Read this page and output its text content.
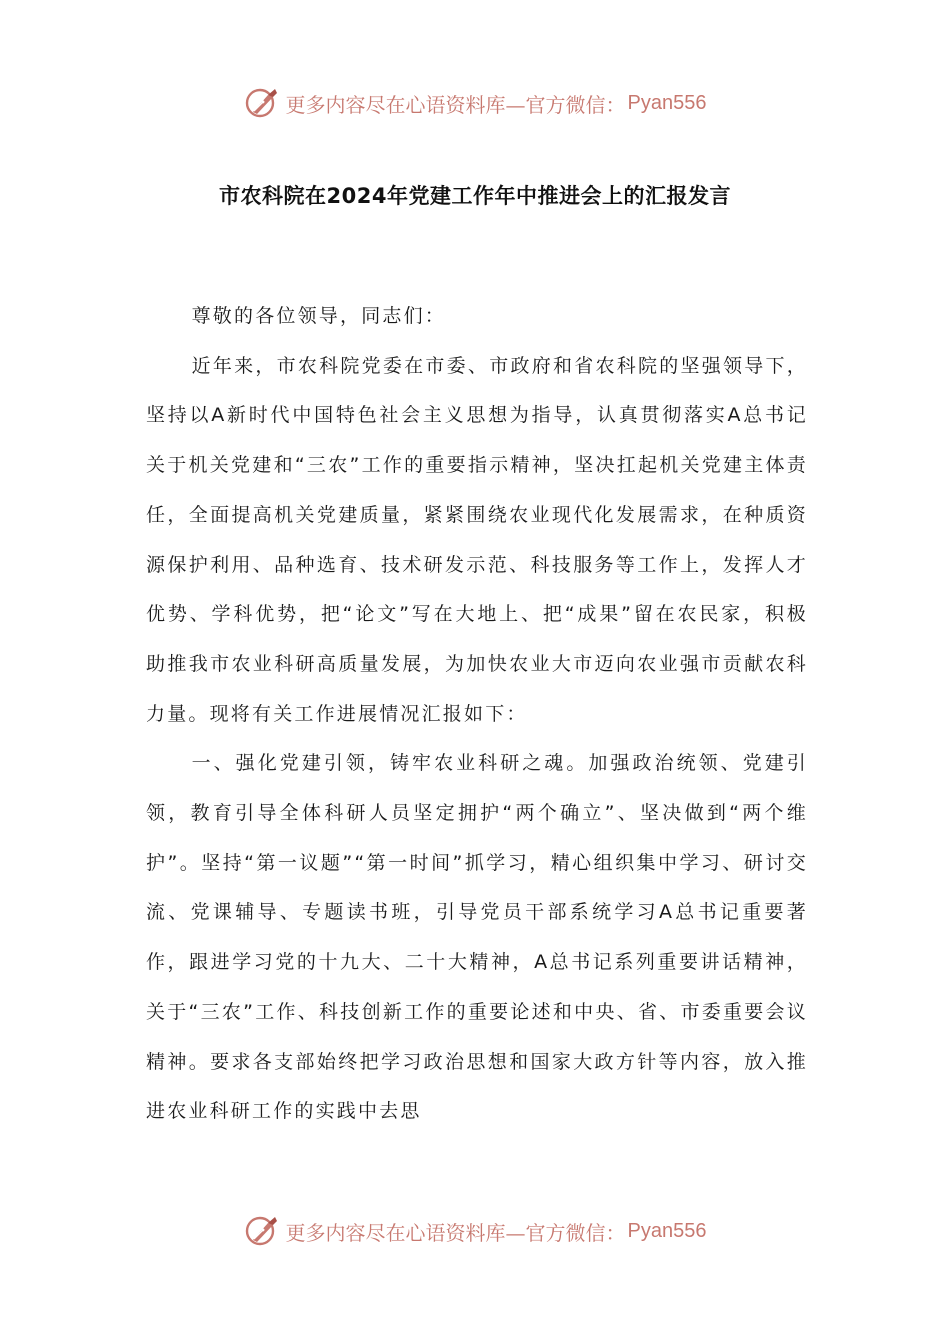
更多内容尽在心语资料库—官方微信： Pyan556
市农科院在2024年党建工作年中推进会上的汇报发言

尊敬的各位领导，同志们：

近年来，市农科院党委在市委、市政府和省农科院的坚强领导下，坚持以A新时代中国特色社会主义思想为指导，认真贯彻落实A总书记关于机关党建和“三农”工作的重要指示精神，坚决扛起机关党建主体责任，全面提高机关党建质量，紧紧围绕农业现代化发展需求，在种质资源保护利用、品种选育、技术研发示范、科技服务等工作上，发挥人才优势、学科优势，把“论文”写在大地上、把“成果”留在农民家，积极助推我市农业科研高质量发展，为加快农业大市迈向农业强市贡献农科力量。现将有关工作进展情况汇报如下：

一、强化党建引领，铸牢农业科研之魂。加强政治统领、党建引领，教育引导全体科研人员坚定拥护“两个确立”、坚决做到“两个维护”。坚持“第一议题”“第一时间”抓学习，精心组织集中学习、研讨交流、党课辅导、专题读书班，引导党员干部系统学习A总书记重要著作，跟进学习党的十九大、二十大精神，A总书记系列重要讲话精神，关于“三农”工作、科技创新工作的重要论述和中央、省、市委重要会议精神。要求各支部始终把学习政治思想和国家大政方针等内容，放入推进农业科研工作的实践中去思

更多内容尽在心语资料库—官方微信： Pyan556
